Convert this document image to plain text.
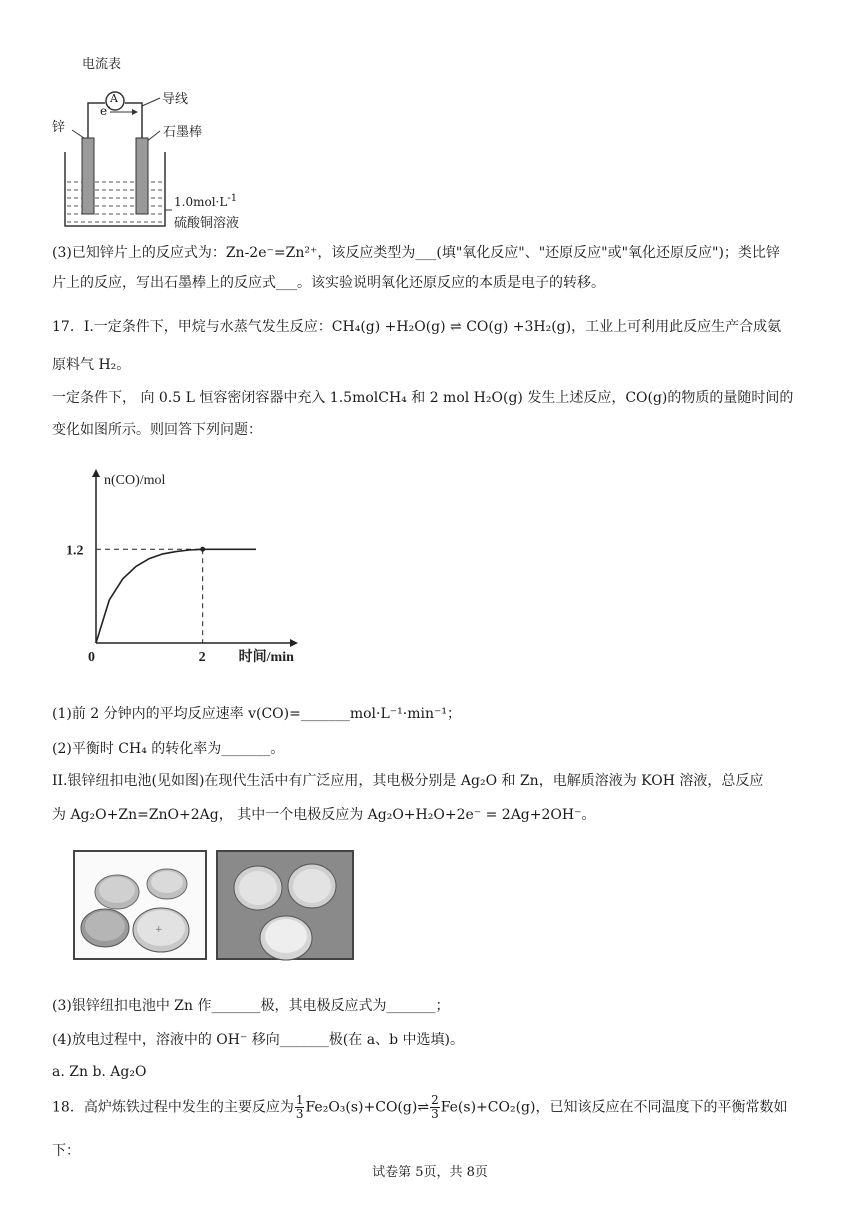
电流表
A	导线
e-
锌	石墨棒
$1.0mol\cdot L^{-1}$
硫酸铜溶液
(3)已知锌片上的反应式为：Zn-2e⁻=Zn²⁺，该反应类型为___(填"氧化反应"、"还原反应"或"氧化还原反应")；类比锌
片上的反应，写出石墨棒上的反应式___。该实验说明氧化还原反应的本质是电子的转移。
17．I.一定条件下，甲烷与水蒸气发生反应：CH₄(g) +H₂O(g) ⇌ CO(g) +3H₂(g)，工业上可利用此反应生产合成氨
原料气 H₂。
一定条件下， 向 0.5 L 恒容密闭容器中充入 1.5molCH₄ 和 2 mol H₂O(g) 发生上述反应，CO(g)的物质的量随时间的
变化如图所示。则回答下列问题：
0	2
1.2
n(CO)/mol
时间/min
(1)前 2 分钟内的平均反应速率 v(CO)=_______mol·L⁻¹·min⁻¹；
(2)平衡时 CH₄ 的转化率为_______。
II.银锌纽扣电池(见如图)在现代生活中有广泛应用，其电极分别是 Ag₂O 和 Zn，电解质溶液为 KOH 溶液，总反应
为 Ag₂O+Zn=ZnO+2Ag， 其中一个电极反应为 Ag₂O+H₂O+2e⁻ = 2Ag+2OH⁻。
+
(3)银锌纽扣电池中 Zn 作_______极，其电极反应式为_______；
(4)放电过程中，溶液中的 OH⁻ 移向_______极(在 a、b 中选填)。
a. Zn b. Ag₂O
18．高炉炼铁过程中发生的主要反应为 $\frac{1}{3}$ Fe₂O₃(s)+CO(g)⇌ $\frac{2}{3} Fe(s)+CO_2(g)$，已知该反应在不同温度下的平衡常数如
下：
试卷第 5页，共 8页
